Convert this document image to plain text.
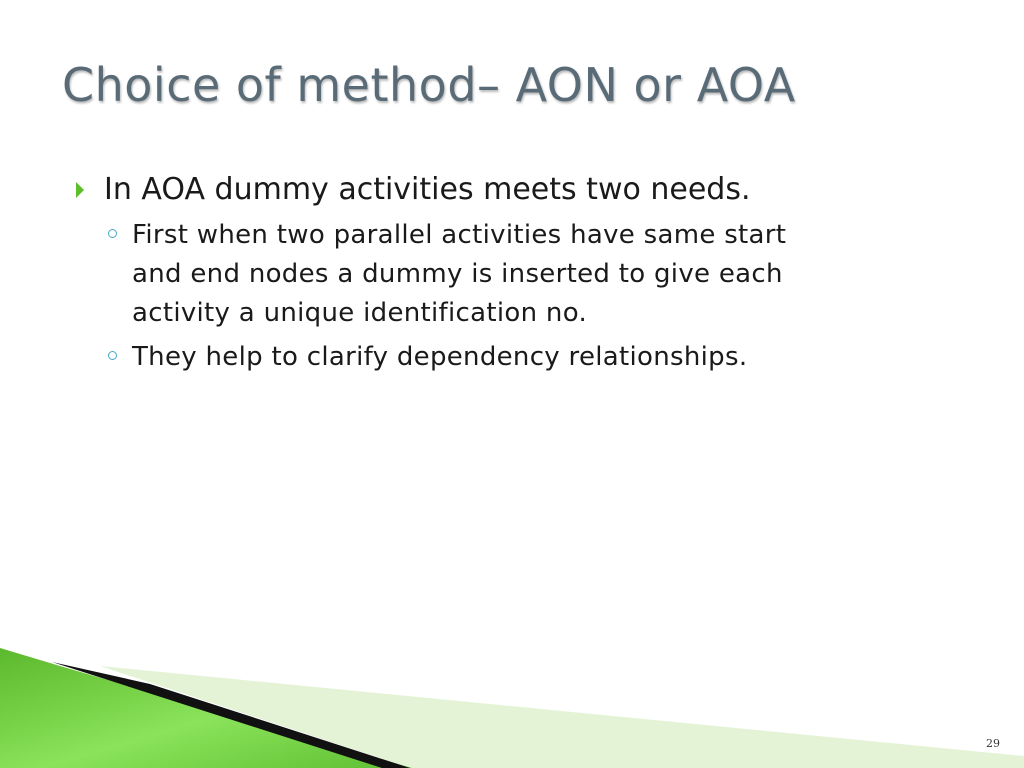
Choice of method– AON or AOA
In AOA dummy activities meets two needs.
First when two parallel activities have same start
and end nodes a dummy is inserted to give each
activity a unique identification no.
They help to clarify dependency relationships.
29
